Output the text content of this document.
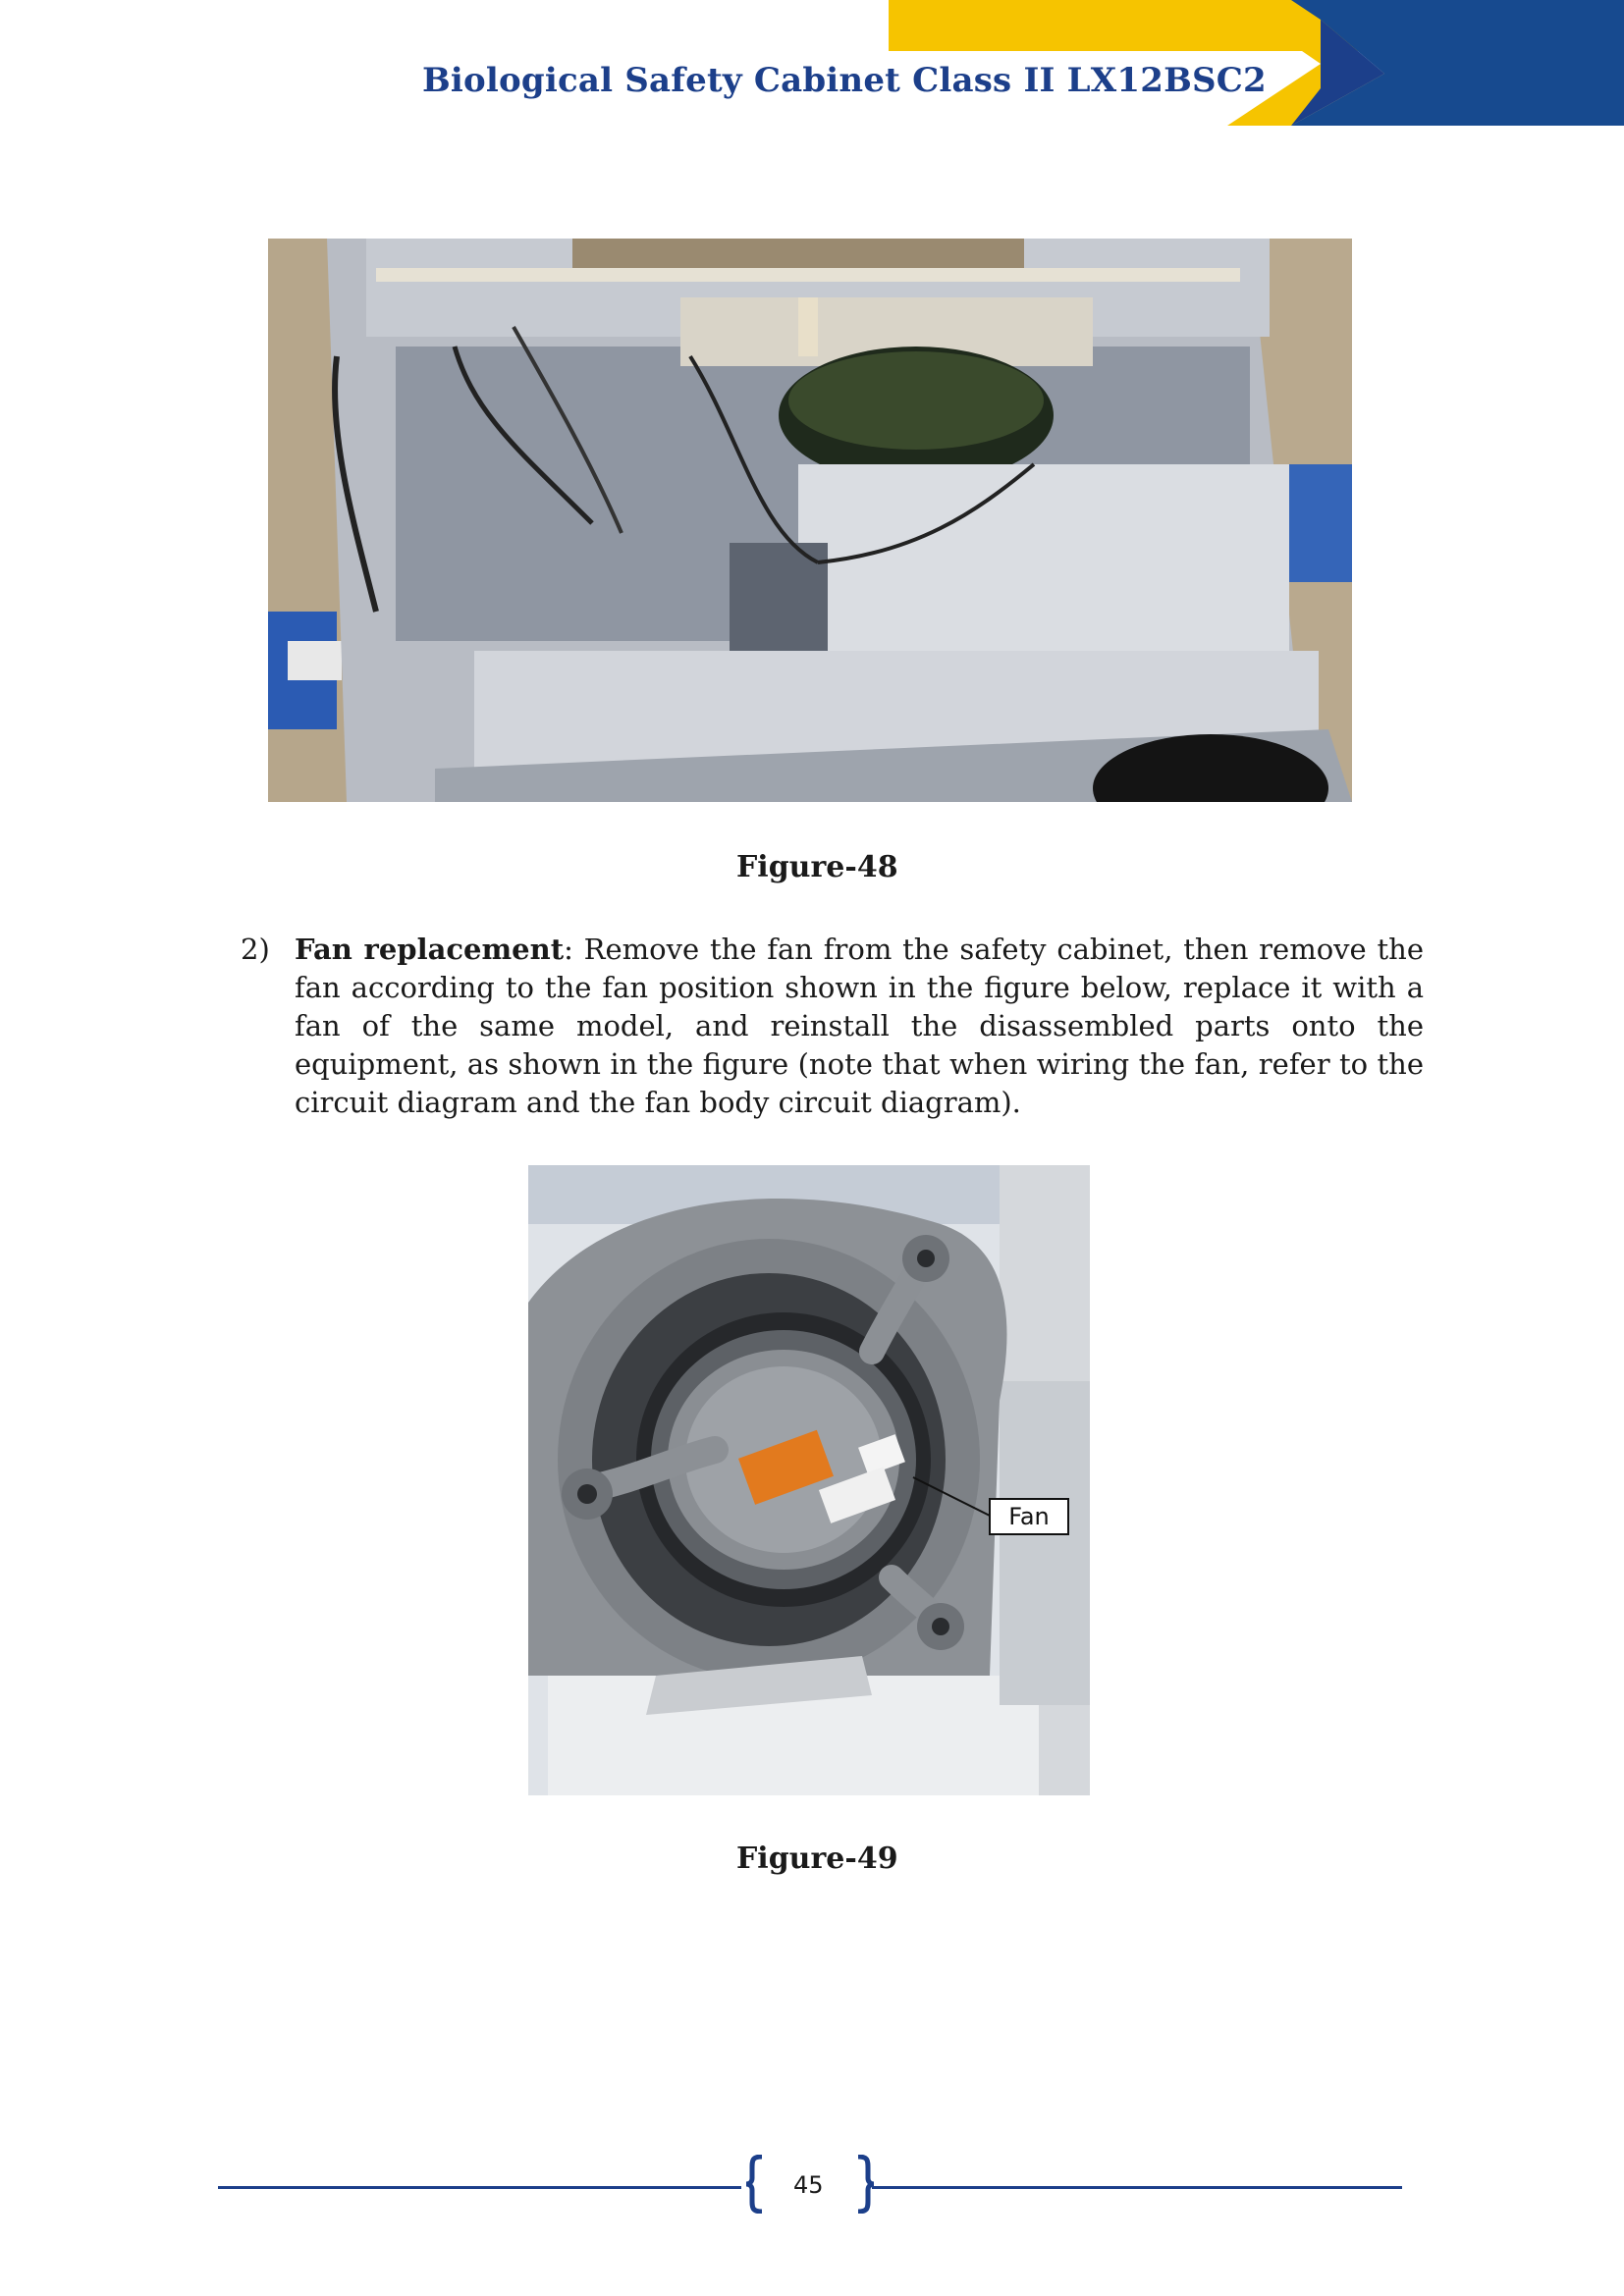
Biological Safety Cabinet Class II LX12BSC2
Figure-48
2) Fan replacement: Remove the fan from the safety cabinet, then remove the fan according to the fan position shown in the figure below, replace it with a fan of the same model, and reinstall the disassembled parts onto the equipment, as shown in the figure (note that when wiring the fan, refer to the circuit diagram and the fan body circuit diagram).
Fan
Figure-49
45
